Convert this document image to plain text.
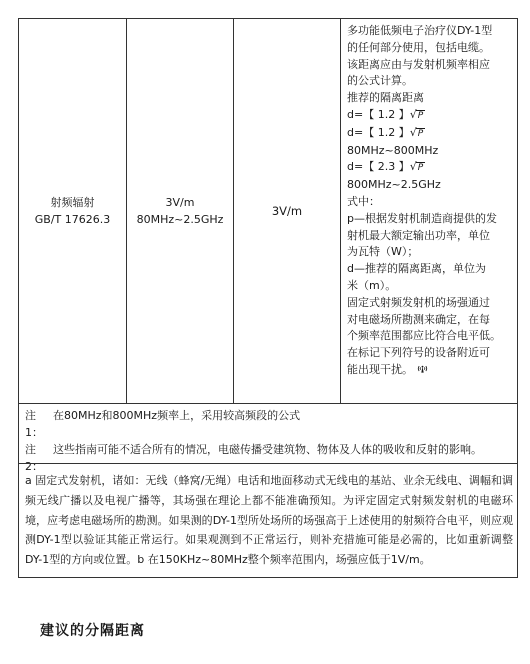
射频辐射
GB/T 17626.3
3V/m
80MHz~2.5GHz
3V/m
多功能低频电子治疗仪DY-1型
的任何部分使用，包括电缆。
该距离应由与发射机频率相应
的公式计算。
推荐的隔离距离
d=【 1.2 】√P
d=【 1.2 】√P
80MHz~800MHz
d=【 2.3 】√P
800MHz~2.5GHz
式中：
p—根据发射机制造商提供的发
射机最大额定输出功率，单位
为瓦特（W）；
d—推荐的隔离距离，单位为
米（m）。
固定式射频发射机的场强通过
对电磁场所勘测来确定，在每
个频率范围都应比符合电平低。
在标记下列符号的设备附近可
能出现干扰。
注1：
在80MHz和800MHz频率上，采用较高频段的公式
注2：
这些指南可能不适合所有的情况，电磁传播受建筑物、物体及人体的吸收和反射的影响。
a 固定式发射机，诸如：无线（蜂窝/无绳）电话和地面移动式无线电的基站、业余无线电、调幅和调频无线广播以及电视广播等，其场强在理论上都不能准确预知。为评定固定式射频发射机的电磁环境，应考虑电磁场所的勘测。如果测的DY-1型所处场所的场强高于上述使用的射频符合电平，则应观测DY-1型以验证其能正常运行。如果观测到不正常运行，则补充措施可能是必需的，比如重新调整DY-1型的方向或位置。b 在150KHz~80MHz整个频率范围内，场强应低于1V/m。
建议的分隔距离
